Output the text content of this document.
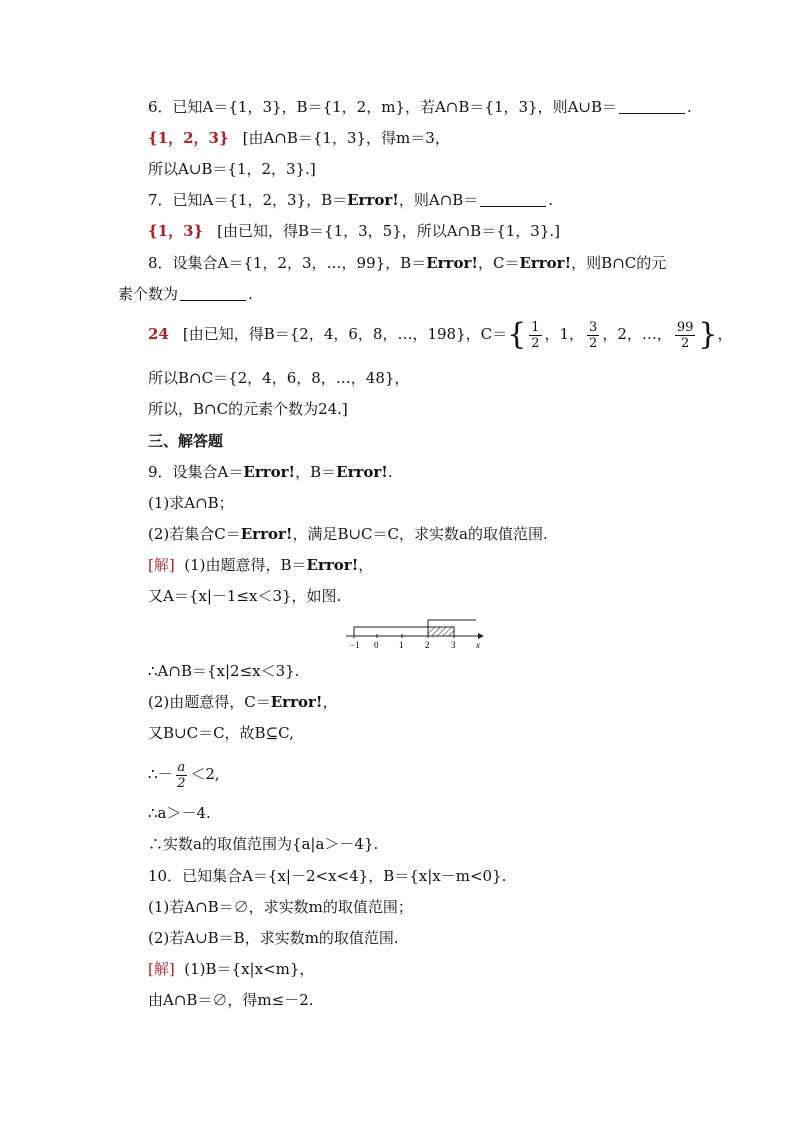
6．已知A＝{1，3}，B＝{1，2，m}，若A∩B＝{1，3}，则A∪B＝	.
{1，2，3} [由A∩B＝{1，3}，得m＝3，
所以A∪B＝{1，2，3}.]
7．已知A＝{1，2，3}，B＝Error!，则A∩B＝	.
{1，3} [由已知，得B＝{1，3，5}，所以A∩B＝{1，3}.]
8．设集合A＝{1，2，3，…，99}，B＝Error!，C＝Error!，则B∩C的元
素个数为	.
24 [由已知，得B＝{2，4，6，8，…，198}，$C=\{ \frac{1}{2}$ ，1， $\frac{3}{2}$ ，2，…， $\frac{99}{2}$ }，
所以B∩C＝{2，4，6，8，…，48}，
所以，B∩C的元素个数为24.]
三、解答题
9．设集合A＝Error!，B＝Error!.
(1)求A∩B；
(2)若集合C＝Error!，满足B∪C＝C，求实数a的取值范围.
[解] (1)由题意得，B＝Error!，
又A＝{x|－1≤x＜3}，如图.
−1 0 1 2 3 x
∴A∩B＝{x|2≤x＜3}.
(2)由题意得，C＝Error!，
又B∪C＝C，故B⊆C,
∴－ $\frac{a}{2} <2$,
∴a＞－4.
∴实数a的取值范围为{a|a＞－4}.
10．已知集合A＝{x|－2<x<4}，B＝{x|x－m<0}.
(1)若A∩B＝∅，求实数m的取值范围；
(2)若A∪B＝B，求实数m的取值范围.
[解] (1)B＝{x|x<m}，
由A∩B＝∅，得m≤－2.
